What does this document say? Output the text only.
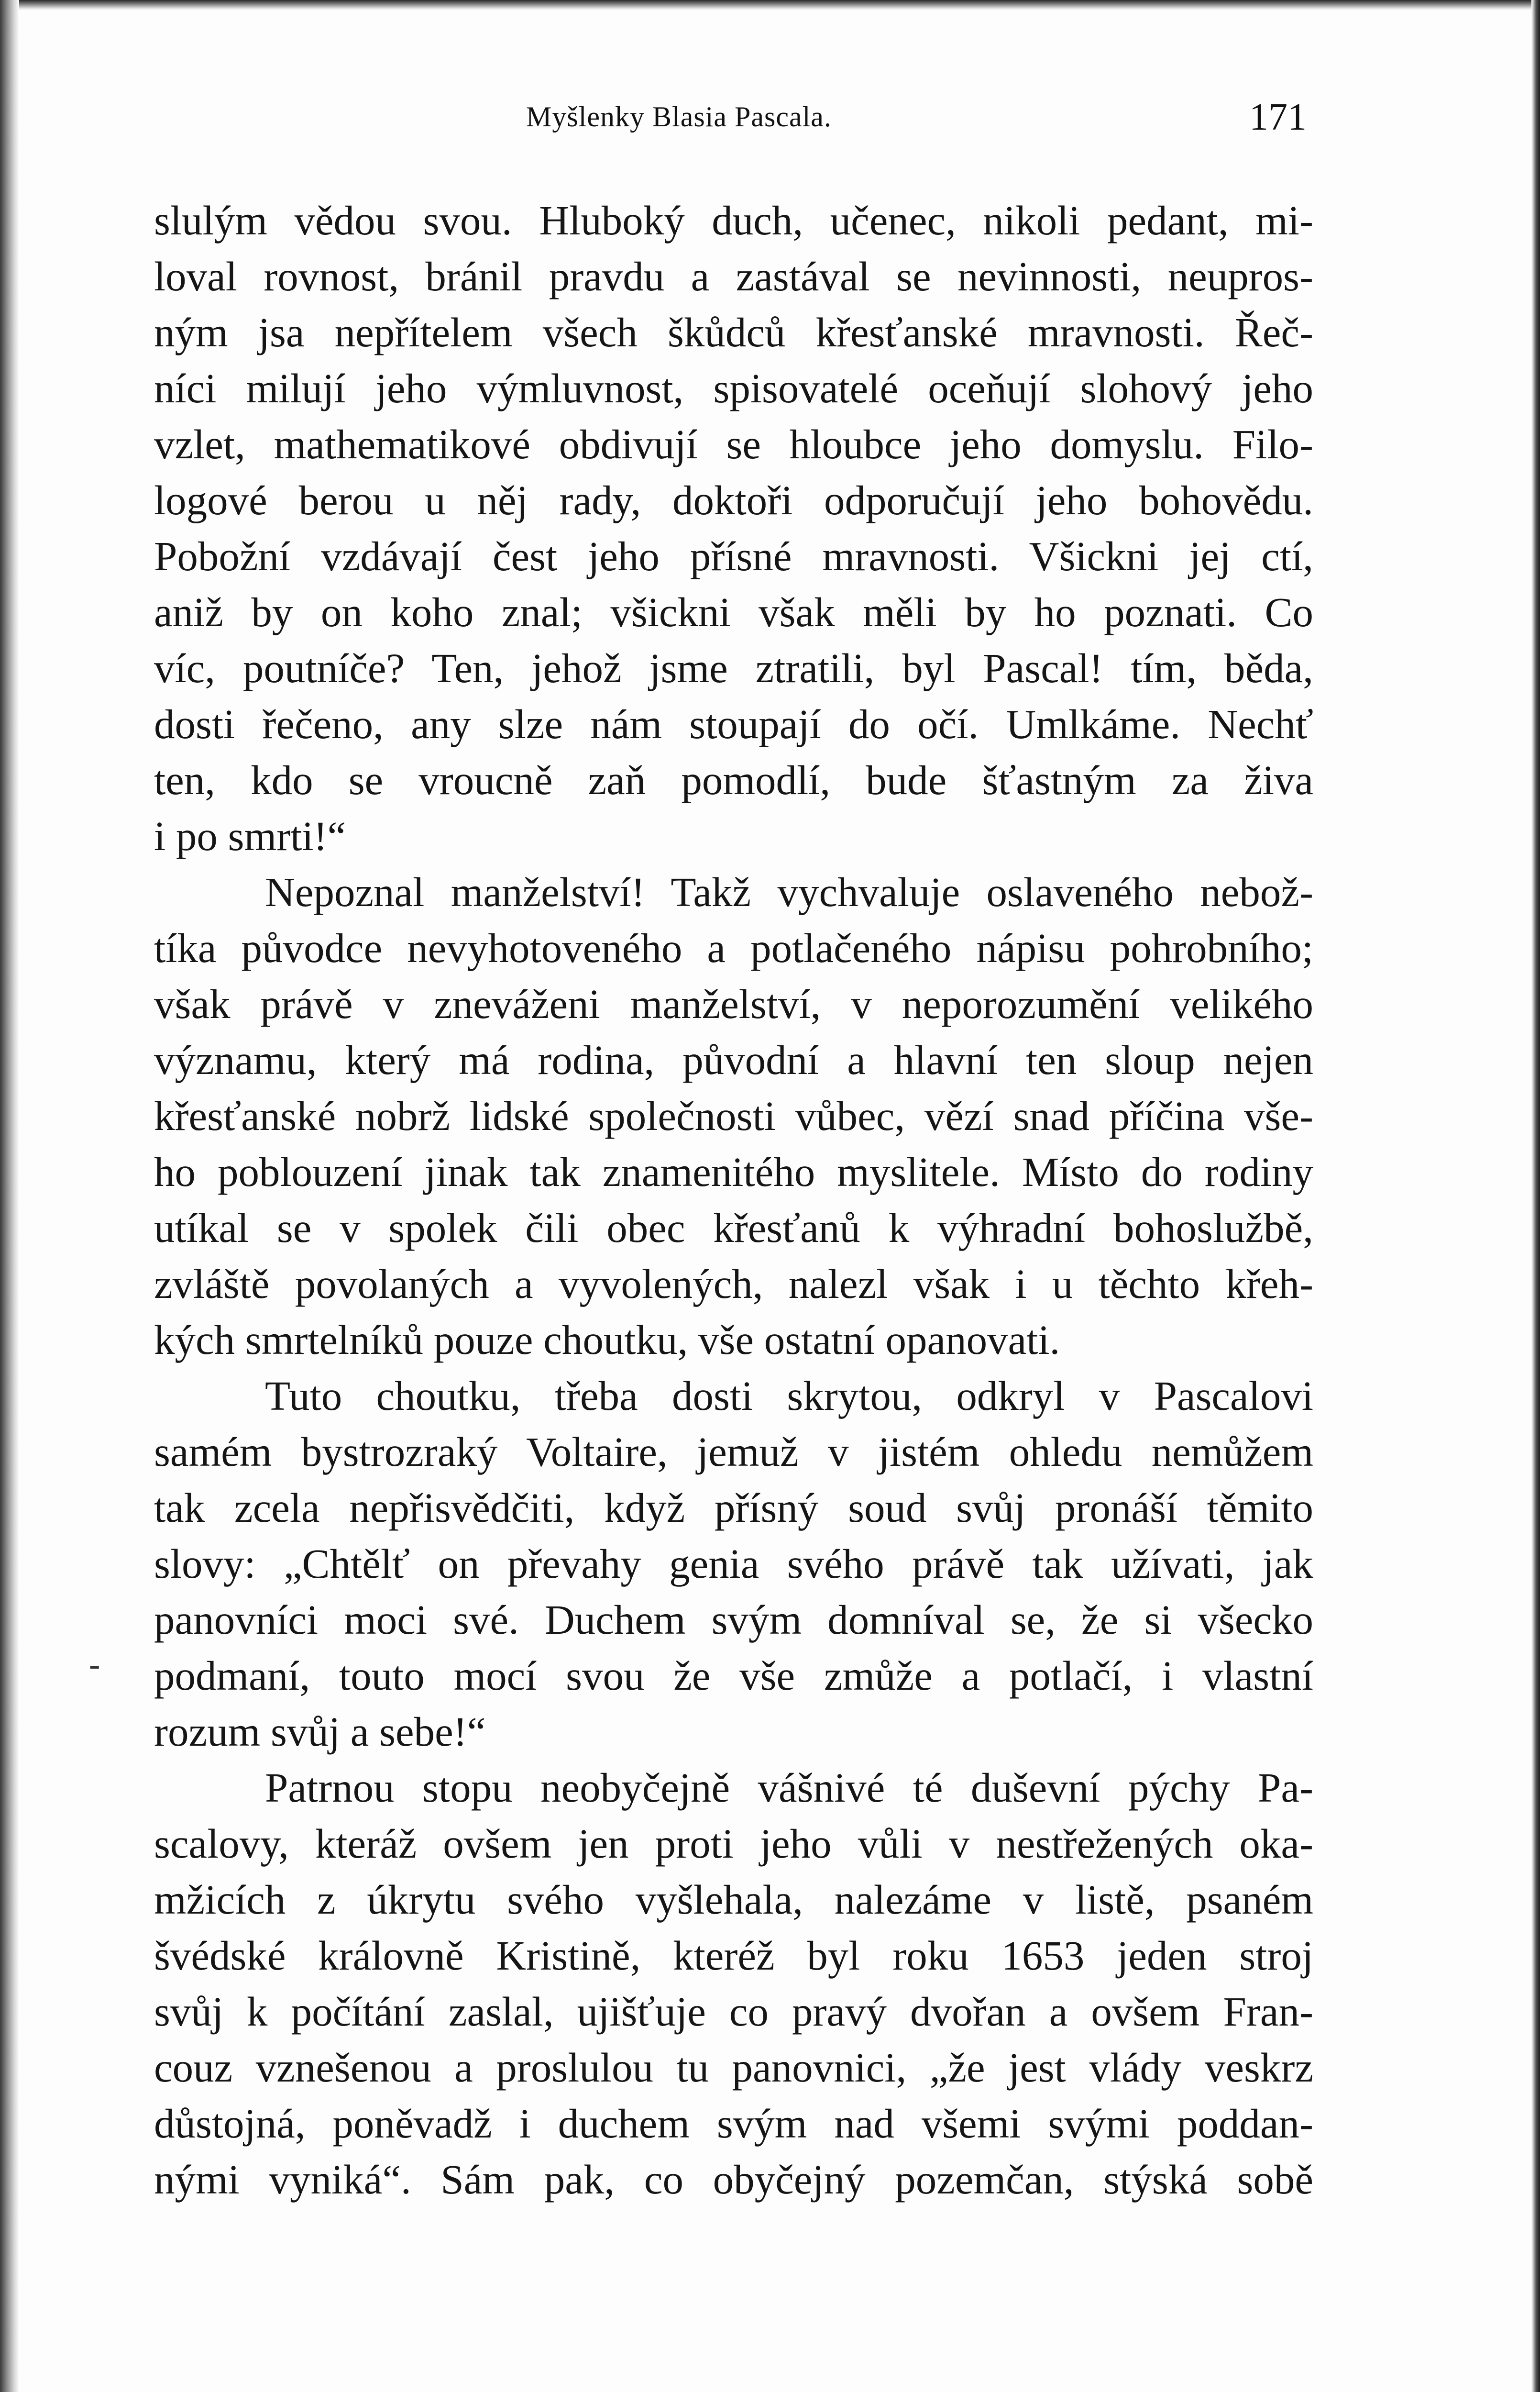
Myšlenky Blasia Pascala.	171
-
slulým vědou svou. Hluboký duch, učenec, nikoli pedant, mi-
loval rovnost, bránil pravdu a zastával se nevinnosti, neupros-
ným jsa nepřítelem všech škůdců křesťanské mravnosti. Řeč-
níci milují jeho výmluvnost, spisovatelé oceňují slohový jeho
vzlet, mathematikové obdivují se hloubce jeho domyslu. Filo-
logové berou u něj rady, doktoři odporučují jeho bohovědu.
Pobožní vzdávají čest jeho přísné mravnosti. Všickni jej ctí,
aniž by on koho znal; všickni však měli by ho poznati. Co
víc, poutníče? Ten, jehož jsme ztratili, byl Pascal! tím, běda,
dosti řečeno, any slze nám stoupají do očí. Umlkáme. Nechť
ten, kdo se vroucně zaň pomodlí, bude šťastným za živa
i po smrti!“
Nepoznal manželství! Takž vychvaluje oslaveného nebož-
tíka původce nevyhotoveného a potlačeného nápisu pohrobního;
však právě v zneváženi manželství, v neporozumění velikého
významu, který má rodina, původní a hlavní ten sloup nejen
křesťanské nobrž lidské společnosti vůbec, vězí snad příčina vše-
ho poblouzení jinak tak znamenitého myslitele. Místo do rodiny
utíkal se v spolek čili obec křesťanů k výhradní bohoslužbě,
zvláště povolaných a vyvolených, nalezl však i u těchto křeh-
kých smrtelníků pouze choutku, vše ostatní opanovati.
Tuto choutku, třeba dosti skrytou, odkryl v Pascalovi
samém bystrozraký Voltaire, jemuž v jistém ohledu nemůžem
tak zcela nepřisvědčiti, když přísný soud svůj pronáší těmito
slovy: „Chtělť on převahy genia svého právě tak užívati, jak
panovníci moci své. Duchem svým domníval se, že si všecko
podmaní, touto mocí svou že vše zmůže a potlačí, i vlastní
rozum svůj a sebe!“
Patrnou stopu neobyčejně vášnivé té duševní pýchy Pa-
scalovy, kteráž ovšem jen proti jeho vůli v nestřežených oka-
mžicích z úkrytu svého vyšlehala, nalezáme v listě, psaném
švédské královně Kristině, kteréž byl roku 1653 jeden stroj
svůj k počítání zaslal, ujišťuje co pravý dvořan a ovšem Fran-
couz vznešenou a proslulou tu panovnici, „že jest vlády veskrz
důstojná, poněvadž i duchem svým nad všemi svými poddan-
nými vyniká“. Sám pak, co obyčejný pozemčan, stýská sobě
